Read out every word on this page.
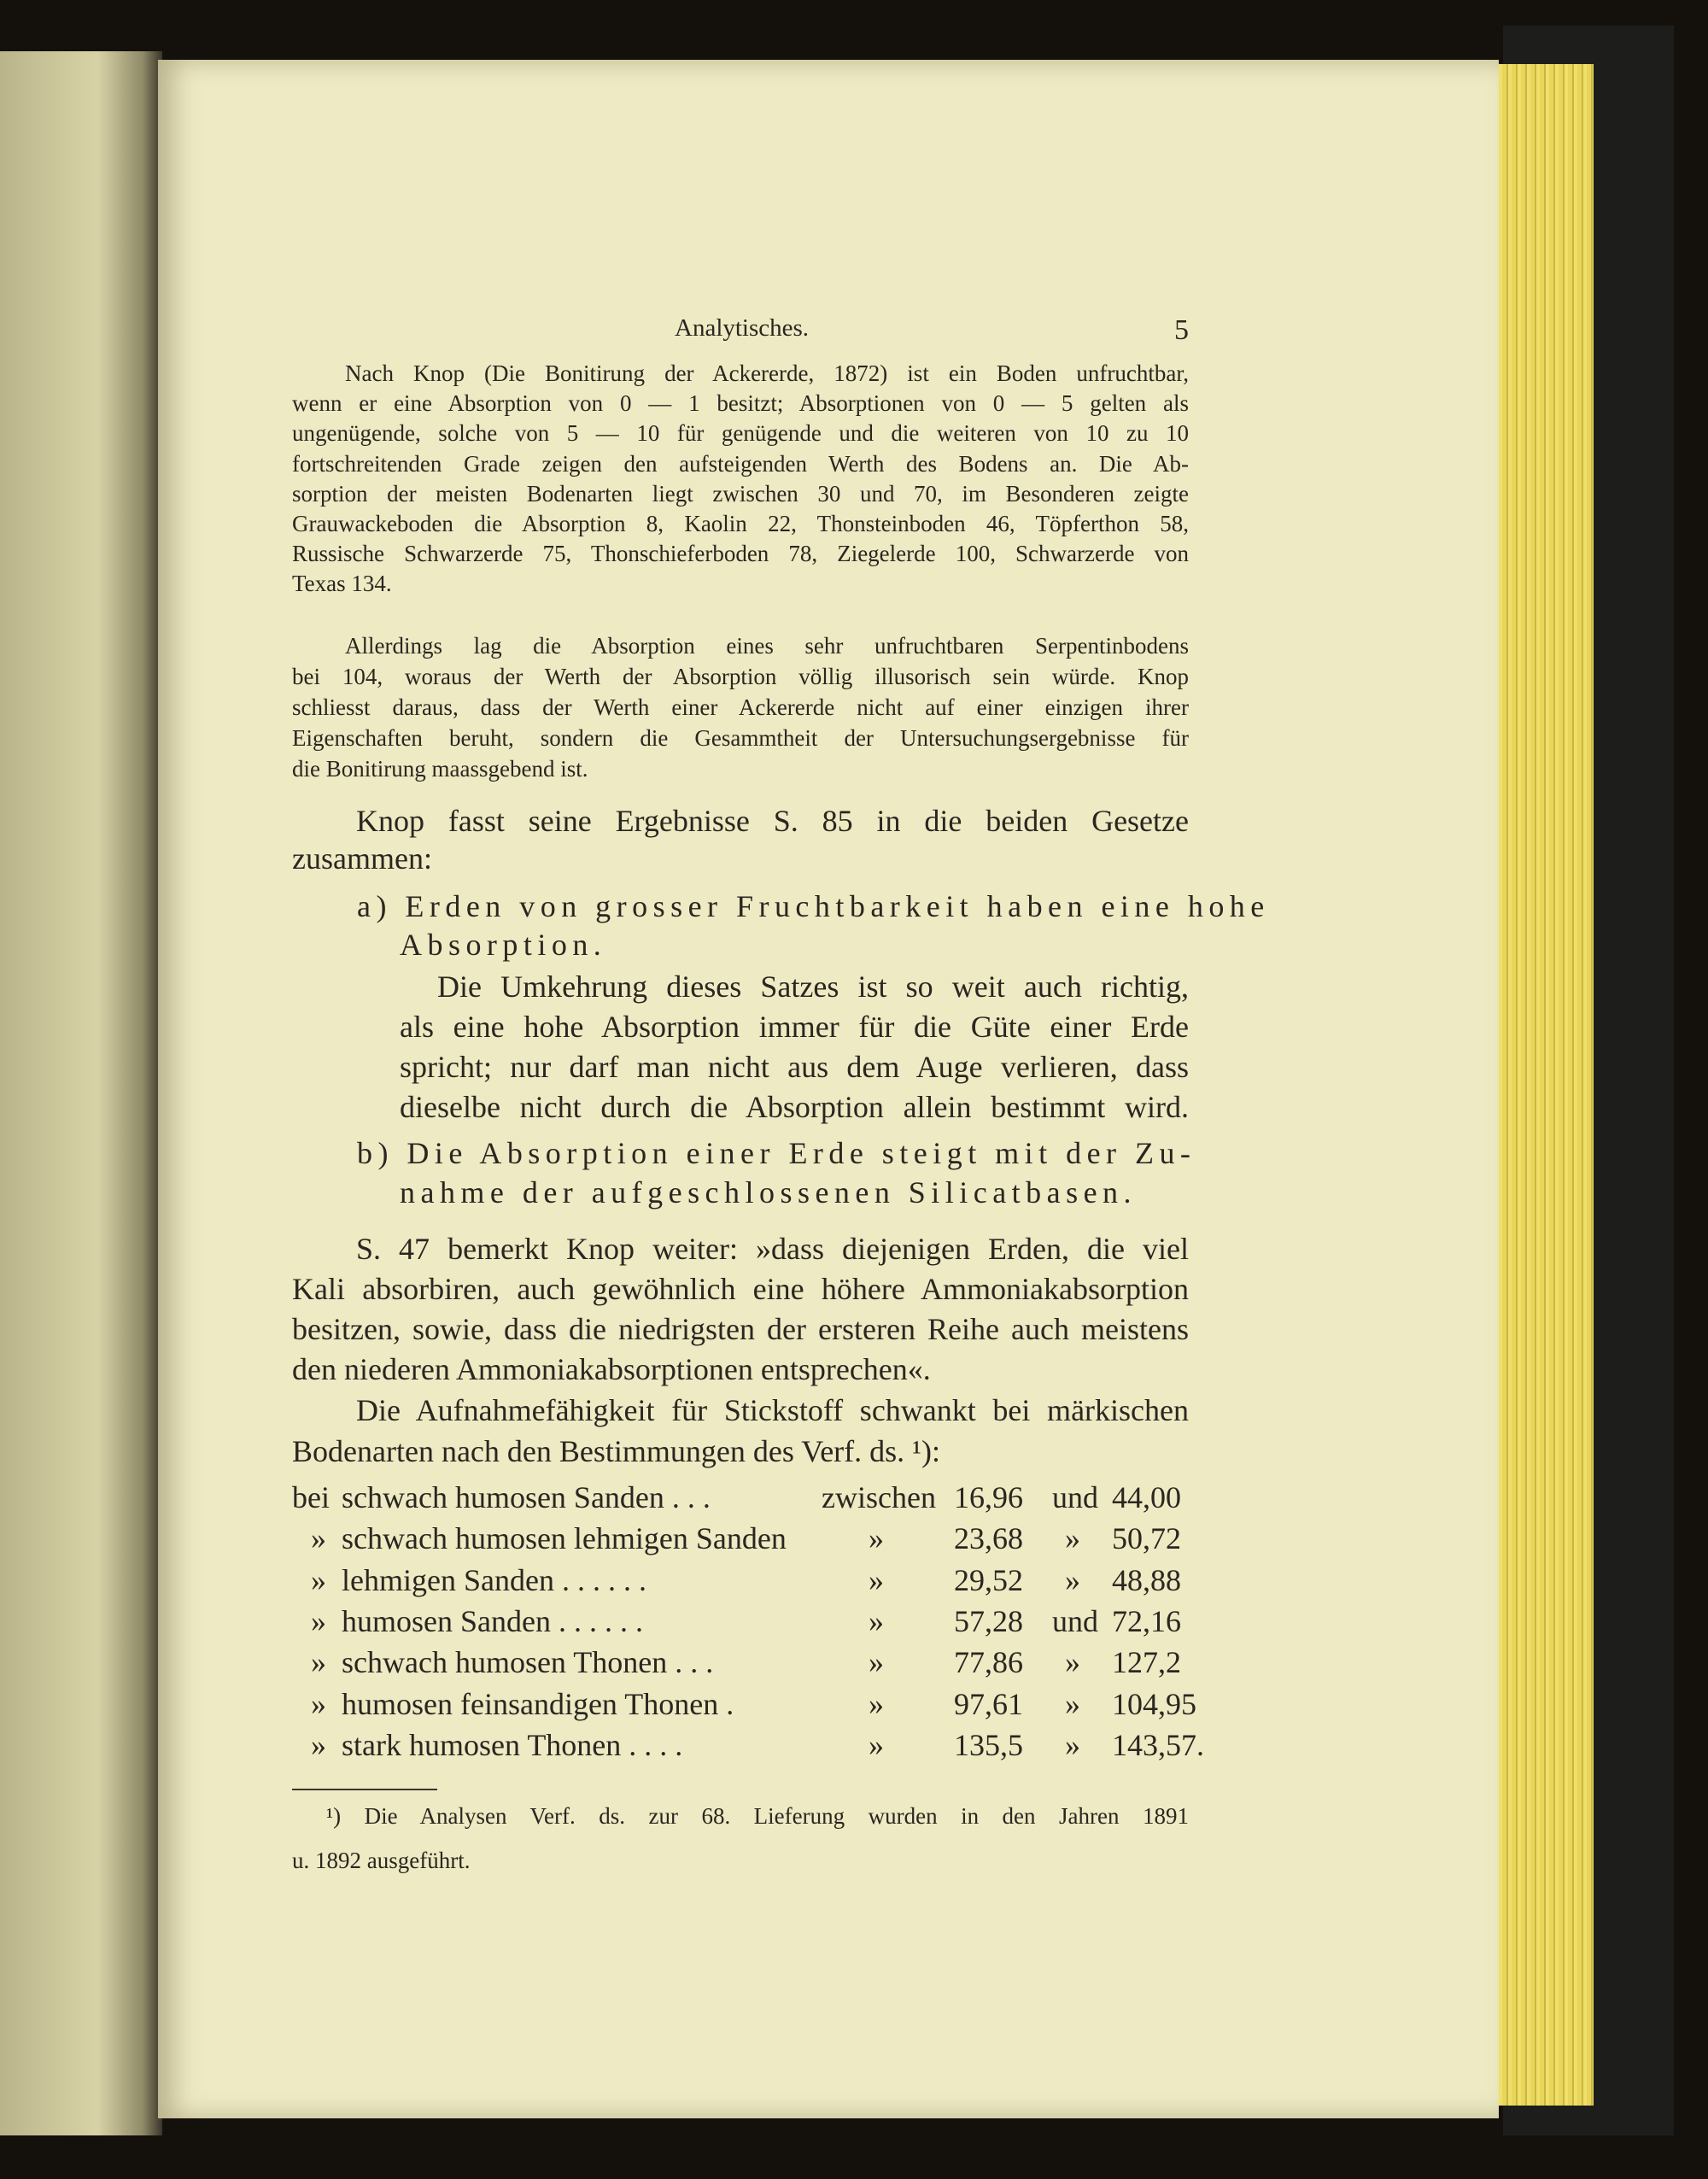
Analytisches.	5
Nach Knop (Die Bonitirung der Ackererde, 1872) ist ein Boden unfruchtbar,
wenn er eine Absorption von 0 — 1 besitzt; Absorptionen von 0 — 5 gelten als
ungenügende, solche von 5 — 10 für genügende und die weiteren von 10 zu 10
fortschreitenden Grade zeigen den aufsteigenden Werth des Bodens an. Die Ab-
sorption der meisten Bodenarten liegt zwischen 30 und 70, im Besonderen zeigte
Grauwackeboden die Absorption 8, Kaolin 22, Thonsteinboden 46, Töpferthon 58,
Russische Schwarzerde 75, Thonschieferboden 78, Ziegelerde 100, Schwarzerde von
Texas 134.
Allerdings lag die Absorption eines sehr unfruchtbaren Serpentinbodens
bei 104, woraus der Werth der Absorption völlig illusorisch sein würde. Knop
schliesst daraus, dass der Werth einer Ackererde nicht auf einer einzigen ihrer
Eigenschaften beruht, sondern die Gesammtheit der Untersuchungsergebnisse für
die Bonitirung maassgebend ist.
Knop fasst seine Ergebnisse S. 85 in die beiden Gesetze
zusammen:
a) Erden von grosser Fruchtbarkeit haben eine hohe
Absorption.
Die Umkehrung dieses Satzes ist so weit auch richtig,
als eine hohe Absorption immer für die Güte einer Erde
spricht; nur darf man nicht aus dem Auge verlieren, dass
dieselbe nicht durch die Absorption allein bestimmt wird.
b) Die Absorption einer Erde steigt mit der Zu-
nahme der aufgeschlossenen Silicatbasen.
S. 47 bemerkt Knop weiter: »dass diejenigen Erden, die viel
Kali absorbiren, auch gewöhnlich eine höhere Ammoniakabsorption
besitzen, sowie, dass die niedrigsten der ersteren Reihe auch meistens
den niederen Ammoniakabsorptionen entsprechen«.
Die Aufnahmefähigkeit für Stickstoff schwankt bei märkischen
Bodenarten nach den Bestimmungen des Verf. ds. ¹):
bei schwach humosen Sanden . . .	zwischen 16,96 und 44,00
» schwach humosen lehmigen Sanden	» 23,68 » 50,72
» lehmigen Sanden . . . . . .	» 29,52 » 48,88
» humosen Sanden . . . . . .	» 57,28 und 72,16
» schwach humosen Thonen . . .	» 77,86 » 127,2
» humosen feinsandigen Thonen .	» 97,61 » 104,95
» stark humosen Thonen . . . .	» 135,5 » 143,57.
¹) Die Analysen Verf. ds. zur 68. Lieferung wurden in den Jahren 1891
u. 1892 ausgeführt.
